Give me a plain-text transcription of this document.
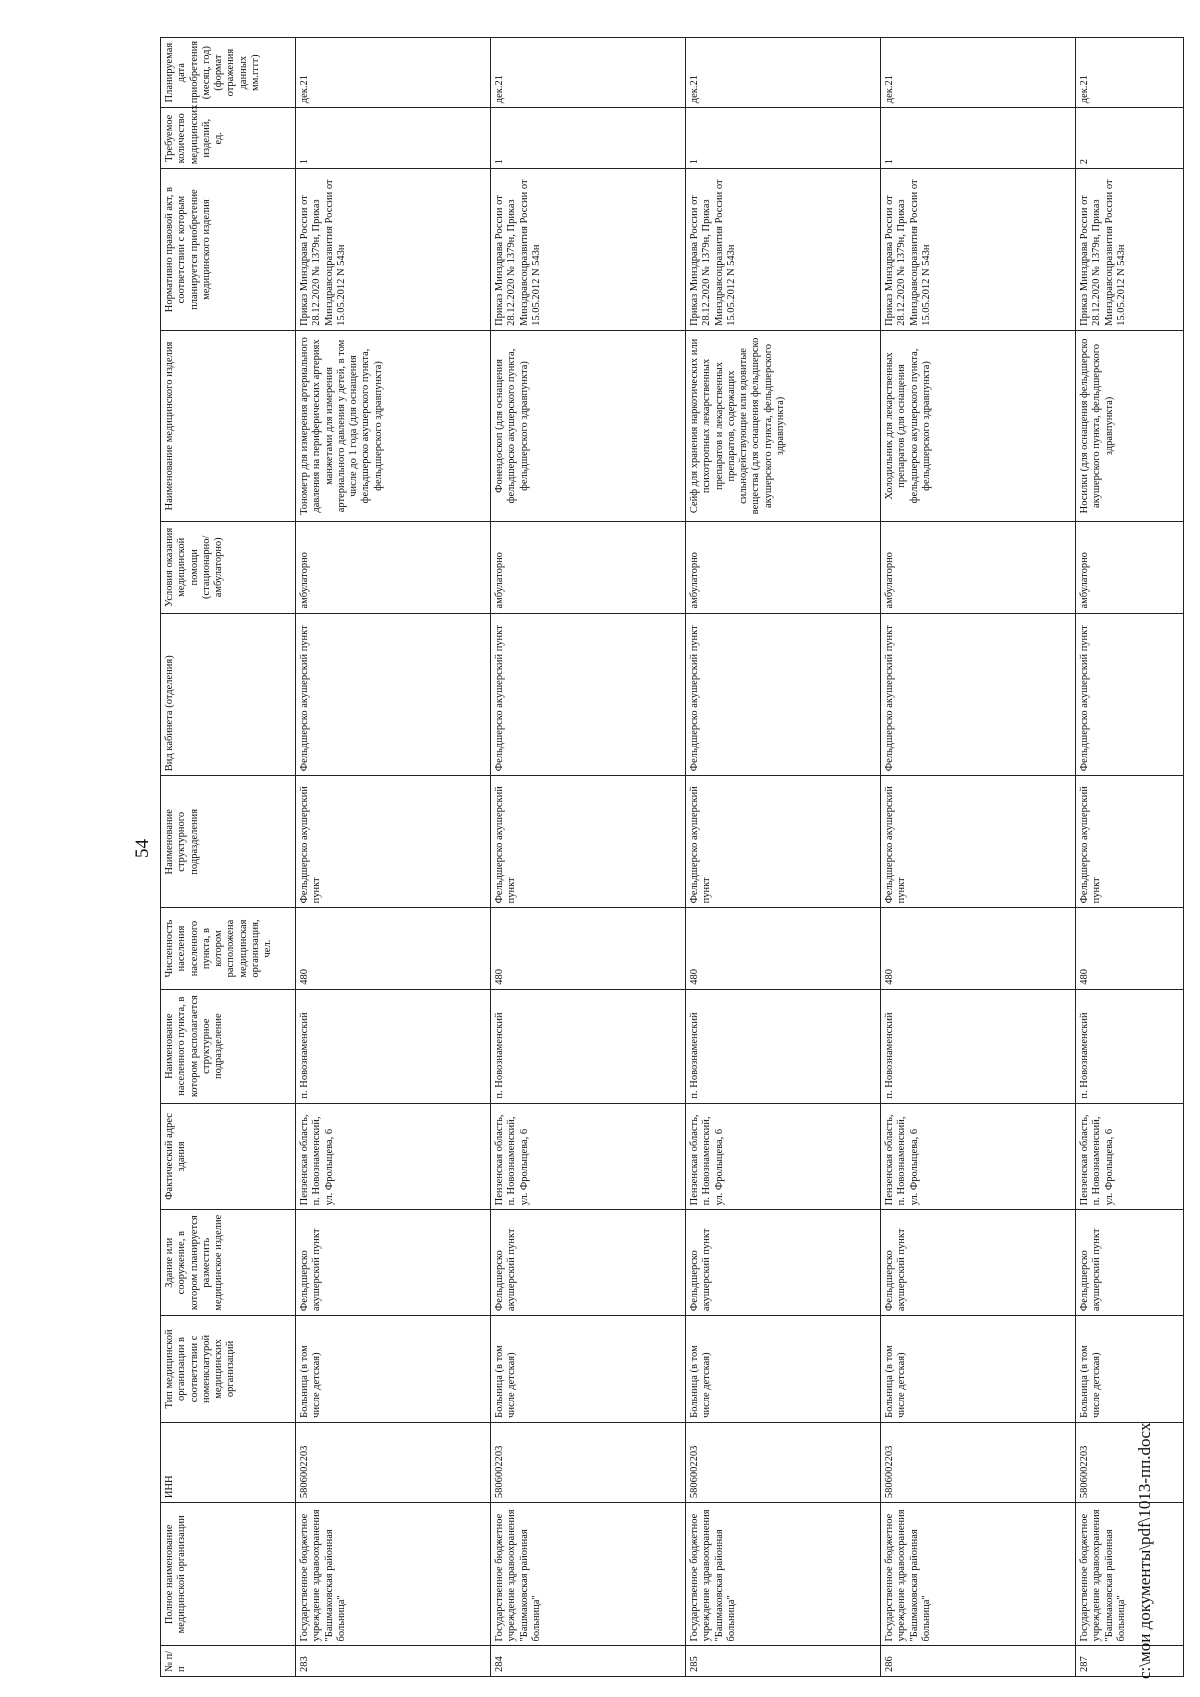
54
№ п/п	Полное наименование медицинской организации	ИНН	Тип медицинской организации в соответствии с номенклатурой медицинских организаций	Здание или сооружение, в котором планируется разместить медицинское изделие	Фактический адрес здания	Наименование населенного пункта, в котором располагается структурное подразделение	Численность населения населенного пункта, в котором расположена медицинская организация, чел.	Наименование структурного подразделения	Вид кабинета (отделения)	Условия оказания медицинской помощи (стационарно/амбулаторно)	Наименование медицинского изделия	Нормативно правовой акт, в соответствии с которым планируется приобретение медицинского изделия	Требуемое количество медицинских изделий, ед.	Планируемая дата приобретения (месяц, год) (формат отражения данных мм.гггг)
283	Государственное бюджетное учреждение здравоохранения "Башмаковская районная больница"	5806002203	Больница (в том числе детская)	Фельдшерско акушерский пункт	Пензенская область, п. Новознаменский, ул. Фролыцева, 6	п. Новознаменский	480	Фельдшерско акушерский пункт	Фельдшерско акушерский пункт	амбулаторно	Тонометр для измерения артериального давления на периферических артериях манжетами для измерения артериального давления у детей, в том числе до 1 года (для оснащения фельдшерско акушерского пункта, фельдшерского здравпункта)	Приказ Минздрава России от 28.12.2020 № 1379н, Приказ Минздравсоцразвития России от 15.05.2012 N 543н	1	дек.21
284	Государственное бюджетное учреждение здравоохранения "Башмаковская районная больница"	5806002203	Больница (в том числе детская)	Фельдшерско акушерский пункт	Пензенская область, п. Новознаменский, ул. Фролыцева, 6	п. Новознаменский	480	Фельдшерско акушерский пункт	Фельдшерско акушерский пункт	амбулаторно	Фонендоскоп (для оснащения фельдшерско акушерского пункта, фельдшерского здравпункта)	Приказ Минздрава России от 28.12.2020 № 1379н, Приказ Минздравсоцразвития России от 15.05.2012 N 543н	1	дек.21
285	Государственное бюджетное учреждение здравоохранения "Башмаковская районная больница"	5806002203	Больница (в том числе детская)	Фельдшерско акушерский пункт	Пензенская область, п. Новознаменский, ул. Фролыцева, 6	п. Новознаменский	480	Фельдшерско акушерский пункт	Фельдшерско акушерский пункт	амбулаторно	Сейф для хранения наркотических или психотропных лекарственных препаратов и лекарственных препаратов, содержащих сильнодействующие или ядовитые вещества (для оснащения фельдшерско акушерского пункта, фельдшерского здравпункта)	Приказ Минздрава России от 28.12.2020 № 1379н, Приказ Минздравсоцразвития России от 15.05.2012 N 543н	1	дек.21
286	Государственное бюджетное учреждение здравоохранения "Башмаковская районная больница"	5806002203	Больница (в том числе детская)	Фельдшерско акушерский пункт	Пензенская область, п. Новознаменский, ул. Фролыцева, 6	п. Новознаменский	480	Фельдшерско акушерский пункт	Фельдшерско акушерский пункт	амбулаторно	Холодильник для лекарственных препаратов (для оснащения фельдшерско акушерского пункта, фельдшерского здравпункта)	Приказ Минздрава России от 28.12.2020 № 1379н, Приказ Минздравсоцразвития России от 15.05.2012 N 543н	1	дек.21
287	Государственное бюджетное учреждение здравоохранения "Башмаковская районная больница"	5806002203	Больница (в том числе детская)	Фельдшерско акушерский пункт	Пензенская область, п. Новознаменский, ул. Фролыцева, 6	п. Новознаменский	480	Фельдшерско акушерский пункт	Фельдшерско акушерский пункт	амбулаторно	Носилки (для оснащения фельдшерско акушерского пункта, фельдшерского здравпункта)	Приказ Минздрава России от 28.12.2020 № 1379н, Приказ Минздравсоцразвития России от 15.05.2012 N 543н	2	дек.21
c:\мои документы\pdf\1013-пп.docx
